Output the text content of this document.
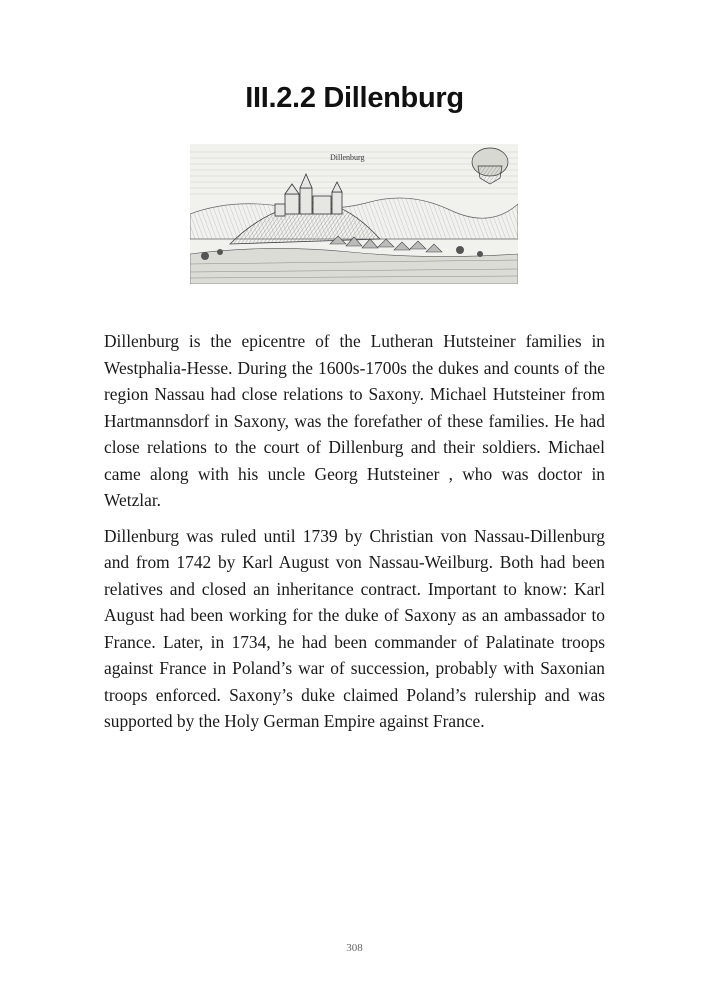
III.2.2 Dillenburg
Dillenburg

Dillenburg is the epicentre of the Lutheran Hutsteiner families in Westphalia-Hesse. During the 1600s-1700s the dukes and counts of the region Nassau had close relations to Saxony. Michael Hutsteiner from Hartmannsdorf in Saxony, was the forefather of these families. He had close relations to the court of Dillenburg and their soldiers. Michael came along with his uncle Georg Hutsteiner , who was doctor in Wetzlar.

Dillenburg was ruled until 1739 by Christian von Nassau-Dillenburg and from 1742 by Karl August von Nassau-Weilburg. Both had been relatives and closed an inheritance contract. Important to know: Karl August had been working for the duke of Saxony as an ambassador to France. Later, in 1734, he had been commander of Palatinate troops against France in Poland’s war of succession, probably with Saxonian troops enforced. Saxony’s duke claimed Poland’s rulership and was supported by the Holy German Empire against France.

308
